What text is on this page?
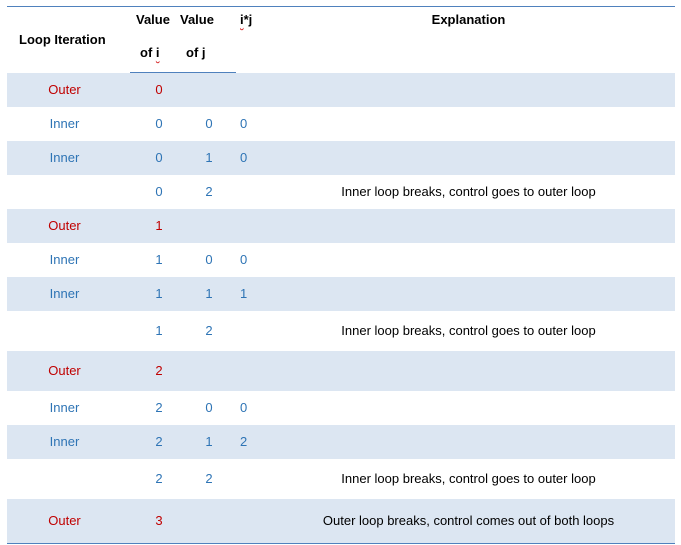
Loop Iteration	Value	Value	i*j	Explanation
	of i	of j		
Outer	0			
Inner	0	0	0	
Inner	0	1	0	
	0	2		Inner loop breaks, control goes to outer loop
Outer	1			
Inner	1	0	0	
Inner	1	1	1	
	1	2		Inner loop breaks, control goes to outer loop
Outer	2			
Inner	2	0	0	
Inner	2	1	2	
	2	2		Inner loop breaks, control goes to outer loop
Outer	3			Outer loop breaks, control comes out of both loops
